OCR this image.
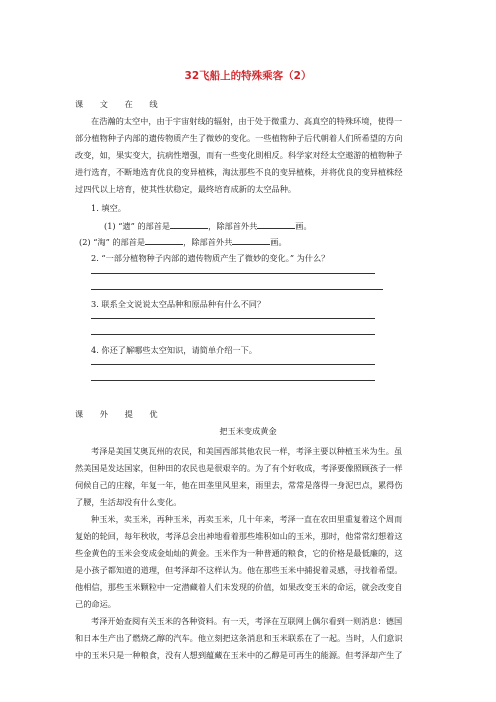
32飞船上的特殊乘客（2）
课 文 在 线
在浩瀚的太空中，由于宇宙射线的辐射，由于处于微重力、高真空的特殊环境，使得一
部分植物种子内部的遗传物质产生了微妙的变化。一些植物种子后代朝着人们所希望的方向
改变，如，果实变大，抗病性增强，而有一些变化則相反。科学家对经太空遨游的植物种子
进行选育，不断地选育优良的变异植株，淘汰那些不良的变异植株，并将优良的变异植株经
过四代以上培育，使其性状稳定，最终培育成新的太空品种。
1. 填空。
(1) “遗” 的部首是	，除部首外共	画。
(2) “淘” 的部首是	，除部首外共	画。
2. “一部分植物种子内部的遗传物质产生了微妙的变化。” 为什么？
3. 联系全文说说太空品种和原品种有什么不同？
4. 你还了解哪些太空知识，请简单介绍一下。
课 外 提 优
把玉米变成黄金
考泽是美国艾奥瓦州的农民，和美国西部其他农民一样，考泽主要以种植玉米为生。虽
然美国是发达国家，但种田的农民也是很艰辛的。为了有个好收成，考泽要像照顾孩子一样
伺候自己的庄稼，年复一年，他在田垄里风里来，雨里去，常常是落得一身泥巴点，累得伤
了腰，生活却没有什么变化。
种玉米，卖玉米，再种玉米，再卖玉米，几十年来，考泽一直在农田里重复着这个周而
复始的轮回，每年秋收，考泽总会出神地看着那些堆积如山的玉米，那时，他常常幻想着这
些金黄色的玉米会变成金灿灿的黄金。玉米作为一种普通的粮食，它的价格是最低廉的，这
是小孩子都知道的道理，但考泽却不这样认为。他在那些玉米中捕捉着灵感，寻找着希望。
他相信，那些玉米颗粒中一定潜藏着人们未发现的价值，如果改变玉米的命运，就会改变自
己的命运。
考泽开始查阅有关玉米的各种资料。有一天，考泽在互联网上偶尔看到一则消息：德国
和日本生产出了燃烧乙醇的汽车。他立刻把这条消息和玉米联系在了一起。当时，人们意识
中的玉米只是一种粮食，没有人想到蕴藏在玉米中的乙醇是可再生的能源。但考泽却产生了
